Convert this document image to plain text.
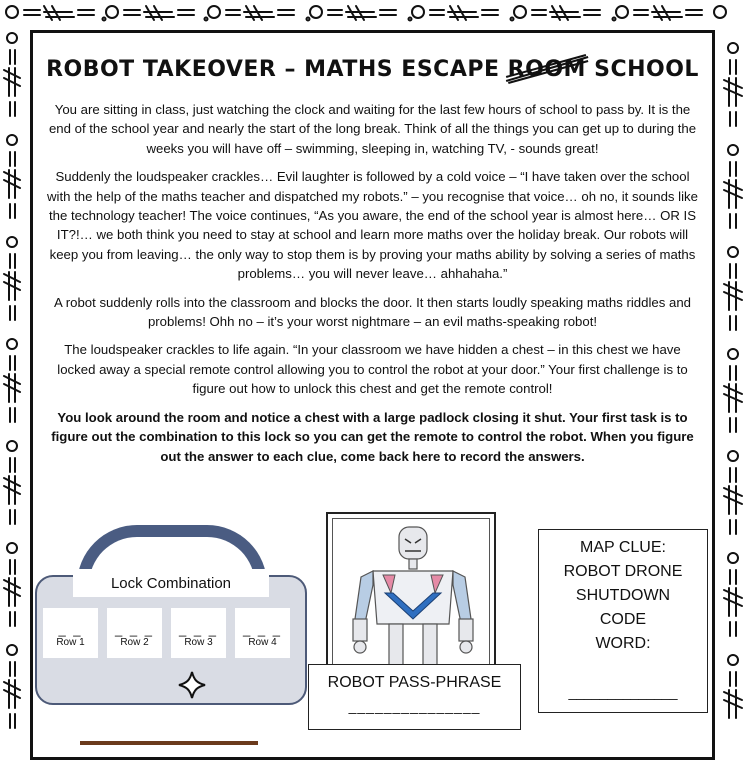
ROBOT TAKEOVER – MATHS ESCAPE ROOM SCHOOL

You are sitting in class, just watching the clock and waiting for the last few hours of school to pass by. It is the end of the school year and nearly the start of the long break. Think of all the things you can get up to during the weeks you will have off – swimming, sleeping in, watching TV, - sounds great!

Suddenly the loudspeaker crackles… Evil laughter is followed by a cold voice – “I have taken over the school with the help of the maths teacher and dispatched my robots.” – you recognise that voice… oh no, it sounds like the technology teacher! The voice continues, “As you aware, the end of the school year is almost here… OR IS IT?!… we both think you need to stay at school and learn more maths over the holiday break. Our robots will keep you from leaving… the only way to stop them is by proving your maths ability by solving a series of maths problems… you will never leave… ahhahaha.”

A robot suddenly rolls into the classroom and blocks the door. It then starts loudly speaking maths riddles and problems! Ohh no – it’s your worst nightmare – an evil maths-speaking robot!

The loudspeaker crackles to life again. “In your classroom we have hidden a chest – in this chest we have locked away a special remote control allowing you to control the robot at your door.” Your first challenge is to figure out how to unlock this chest and get the remote control!

You look around the room and notice a chest with a large padlock closing it shut. Your first task is to figure out the combination to this lock so you can get the remote to control the robot. When you figure out the answer to each clue, come back here to record the answers.

Lock Combination
_ _
Row 1
_ _ _
Row 2
_ _ _
Row 3
_ _ _
Row 4
ROBOT PASS-PHRASE
_______________
MAP CLUE:
ROBOT DRONE
SHUTDOWN
CODE
WORD:
______________
